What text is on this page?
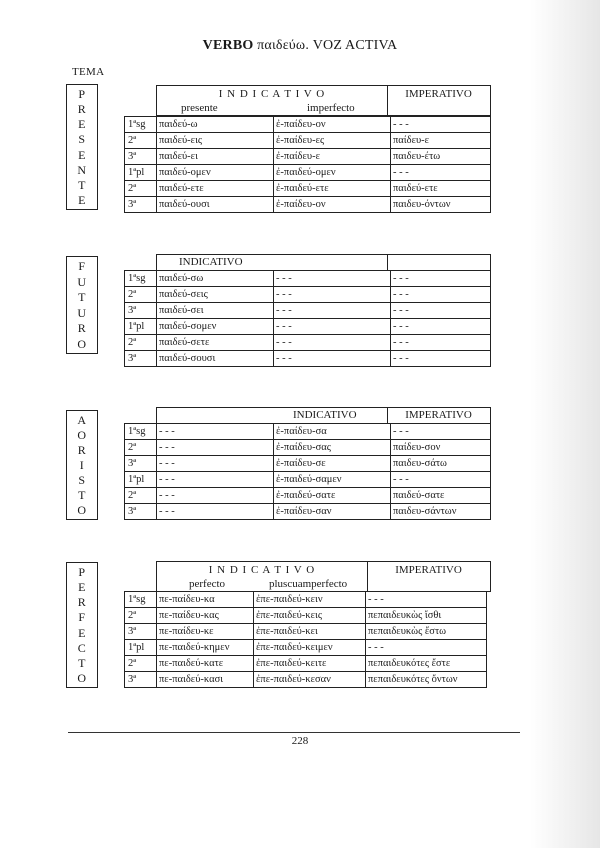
VERBO παιδεύω. VOZ ACTIVA
TEMA
P
R
E
S
E
N
T
E
I N D I C A T I V O
presente	imperfecto
IMPERATIVO
1ªsg	παιδεύ-ω	ἐ-παίδευ-ον	- - -
2ª	παιδεύ-εις	ἐ-παίδευ-ες	παίδευ-ε
3ª	παιδεύ-ει	ἐ-παίδευ-ε	παιδευ-έτω
1ªpl	παιδεύ-ομεν	ἐ-παιδεύ-ομεν	- - -
2ª	παιδεύ-ετε	ἐ-παιδεύ-ετε	παιδεύ-ετε
3ª	παιδεύ-ουσι	ἐ-παίδευ-ον	παιδευ-όντων
F
U
T
U
R
O
INDICATIVO
1ªsg	παιδεύ-σω	- - -	- - -
2ª	παιδεύ-σεις	- - -	- - -
3ª	παιδεύ-σει	- - -	- - -
1ªpl	παιδεύ-σομεν	- - -	- - -
2ª	παιδεύ-σετε	- - -	- - -
3ª	παιδεύ-σουσι	- - -	- - -
A
O
R
I
S
T
O
INDICATIVO	IMPERATIVO
1ªsg	- - -	ἐ-παίδευ-σα	- - -
2ª	- - -	ἐ-παίδευ-σας	παίδευ-σον
3ª	- - -	ἐ-παίδευ-σε	παιδευ-σάτω
1ªpl	- - -	ἐ-παιδεύ-σαμεν	- - -
2ª	- - -	ἐ-παιδεύ-σατε	παιδεύ-σατε
3ª	- - -	ἐ-παίδευ-σαν	παιδευ-σάντων
P
E
R
F
E
C
T
O
I N D I C A T I V O
perfecto	pluscuamperfecto
IMPERATIVO
1ªsg	πε-παίδευ-κα	ἐπε-παιδεύ-κειν	- - -
2ª	πε-παίδευ-κας	ἐπε-παιδεύ-κεις	πεπαιδευκὼς ἴσθι
3ª	πε-παίδευ-κε	ἐπε-παιδεύ-κει	πεπαιδευκὼς ἔστω
1ªpl	πε-παιδεύ-κημεν	ἐπε-παιδεύ-κειμεν	- - -
2ª	πε-παιδεύ-κατε	ἐπε-παιδεύ-κειτε	πεπαιδευκότες ἔστε
3ª	πε-παιδεύ-κασι	ἐπε-παιδεύ-κεσαν	πεπαιδευκότες ὄντων
228
